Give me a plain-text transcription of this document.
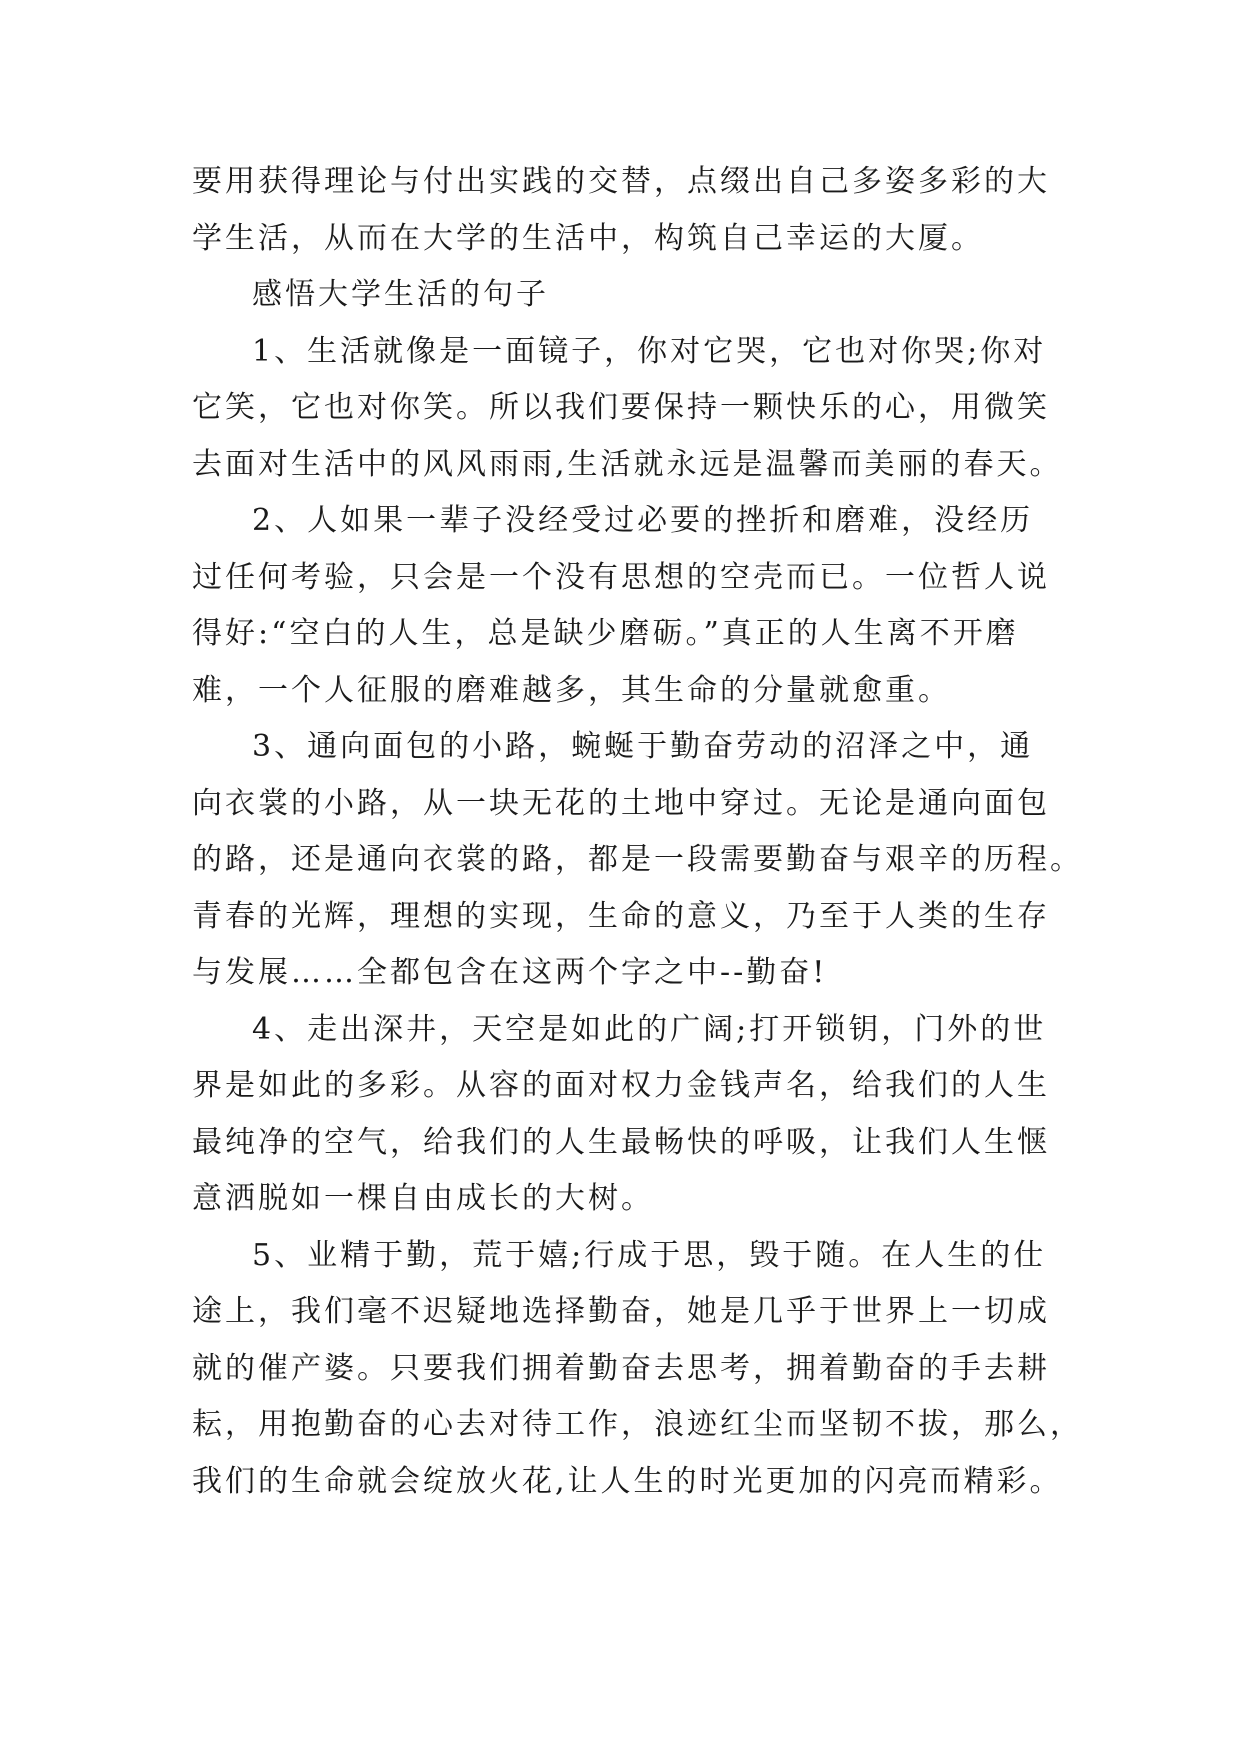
要用获得理论与付出实践的交替，点缀出自己多姿多彩的大
学生活，从而在大学的生活中，构筑自己幸运的大厦。
感悟大学生活的句子
1、生活就像是一面镜子，你对它哭，它也对你哭;你对
它笑，它也对你笑。所以我们要保持一颗快乐的心，用微笑
去面对生活中的风风雨雨,生活就永远是温馨而美丽的春天。
2、人如果一辈子没经受过必要的挫折和磨难，没经历
过任何考验，只会是一个没有思想的空壳而已。一位哲人说
得好:“空白的人生，总是缺少磨砺。”真正的人生离不开磨
难，一个人征服的磨难越多，其生命的分量就愈重。
3、通向面包的小路，蜿蜒于勤奋劳动的沼泽之中，通
向衣裳的小路，从一块无花的土地中穿过。无论是通向面包
的路，还是通向衣裳的路，都是一段需要勤奋与艰辛的历程。
青春的光辉，理想的实现，生命的意义，乃至于人类的生存
与发展……全都包含在这两个字之中--勤奋!
4、走出深井，天空是如此的广阔;打开锁钥，门外的世
界是如此的多彩。从容的面对权力金钱声名，给我们的人生
最纯净的空气，给我们的人生最畅快的呼吸，让我们人生惬
意洒脱如一棵自由成长的大树。
5、业精于勤，荒于嬉;行成于思，毁于随。在人生的仕
途上，我们毫不迟疑地选择勤奋，她是几乎于世界上一切成
就的催产婆。只要我们拥着勤奋去思考，拥着勤奋的手去耕
耘，用抱勤奋的心去对待工作，浪迹红尘而坚韧不拔，那么，
我们的生命就会绽放火花,让人生的时光更加的闪亮而精彩。
